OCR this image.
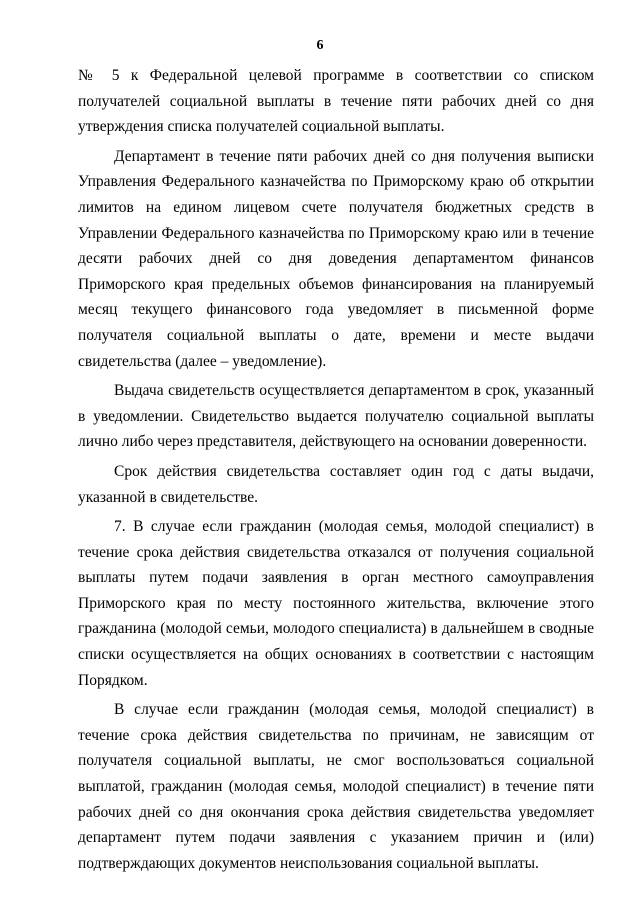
6

№ 5 к Федеральной целевой программе в соответствии со списком получателей социальной выплаты в течение пяти рабочих дней со дня утверждения списка получателей социальной выплаты.

Департамент в течение пяти рабочих дней со дня получения выписки Управления Федерального казначейства по Приморскому краю об открытии лимитов на едином лицевом счете получателя бюджетных средств в Управлении Федерального казначейства по Приморскому краю или в течение десяти рабочих дней со дня доведения департаментом финансов Приморского края предельных объемов финансирования на планируемый месяц текущего финансового года уведомляет в письменной форме получателя социальной выплаты о дате, времени и месте выдачи свидетельства (далее – уведомление).

Выдача свидетельств осуществляется департаментом в срок, указанный в уведомлении. Свидетельство выдается получателю социальной выплаты лично либо через представителя, действующего на основании доверенности.

Срок действия свидетельства составляет один год с даты выдачи, указанной в свидетельстве.

7. В случае если гражданин (молодая семья, молодой специалист) в течение срока действия свидетельства отказался от получения социальной выплаты путем подачи заявления в орган местного самоуправления Приморского края по месту постоянного жительства, включение этого гражданина (молодой семьи, молодого специалиста) в дальнейшем в сводные списки осуществляется на общих основаниях в соответствии с настоящим Порядком.

В случае если гражданин (молодая семья, молодой специалист) в течение срока действия свидетельства по причинам, не зависящим от получателя социальной выплаты, не смог воспользоваться социальной выплатой, гражданин (молодая семья, молодой специалист) в течение пяти рабочих дней со дня окончания срока действия свидетельства уведомляет департамент путем подачи заявления с указанием причин и (или) подтверждающих документов неиспользования социальной выплаты.
